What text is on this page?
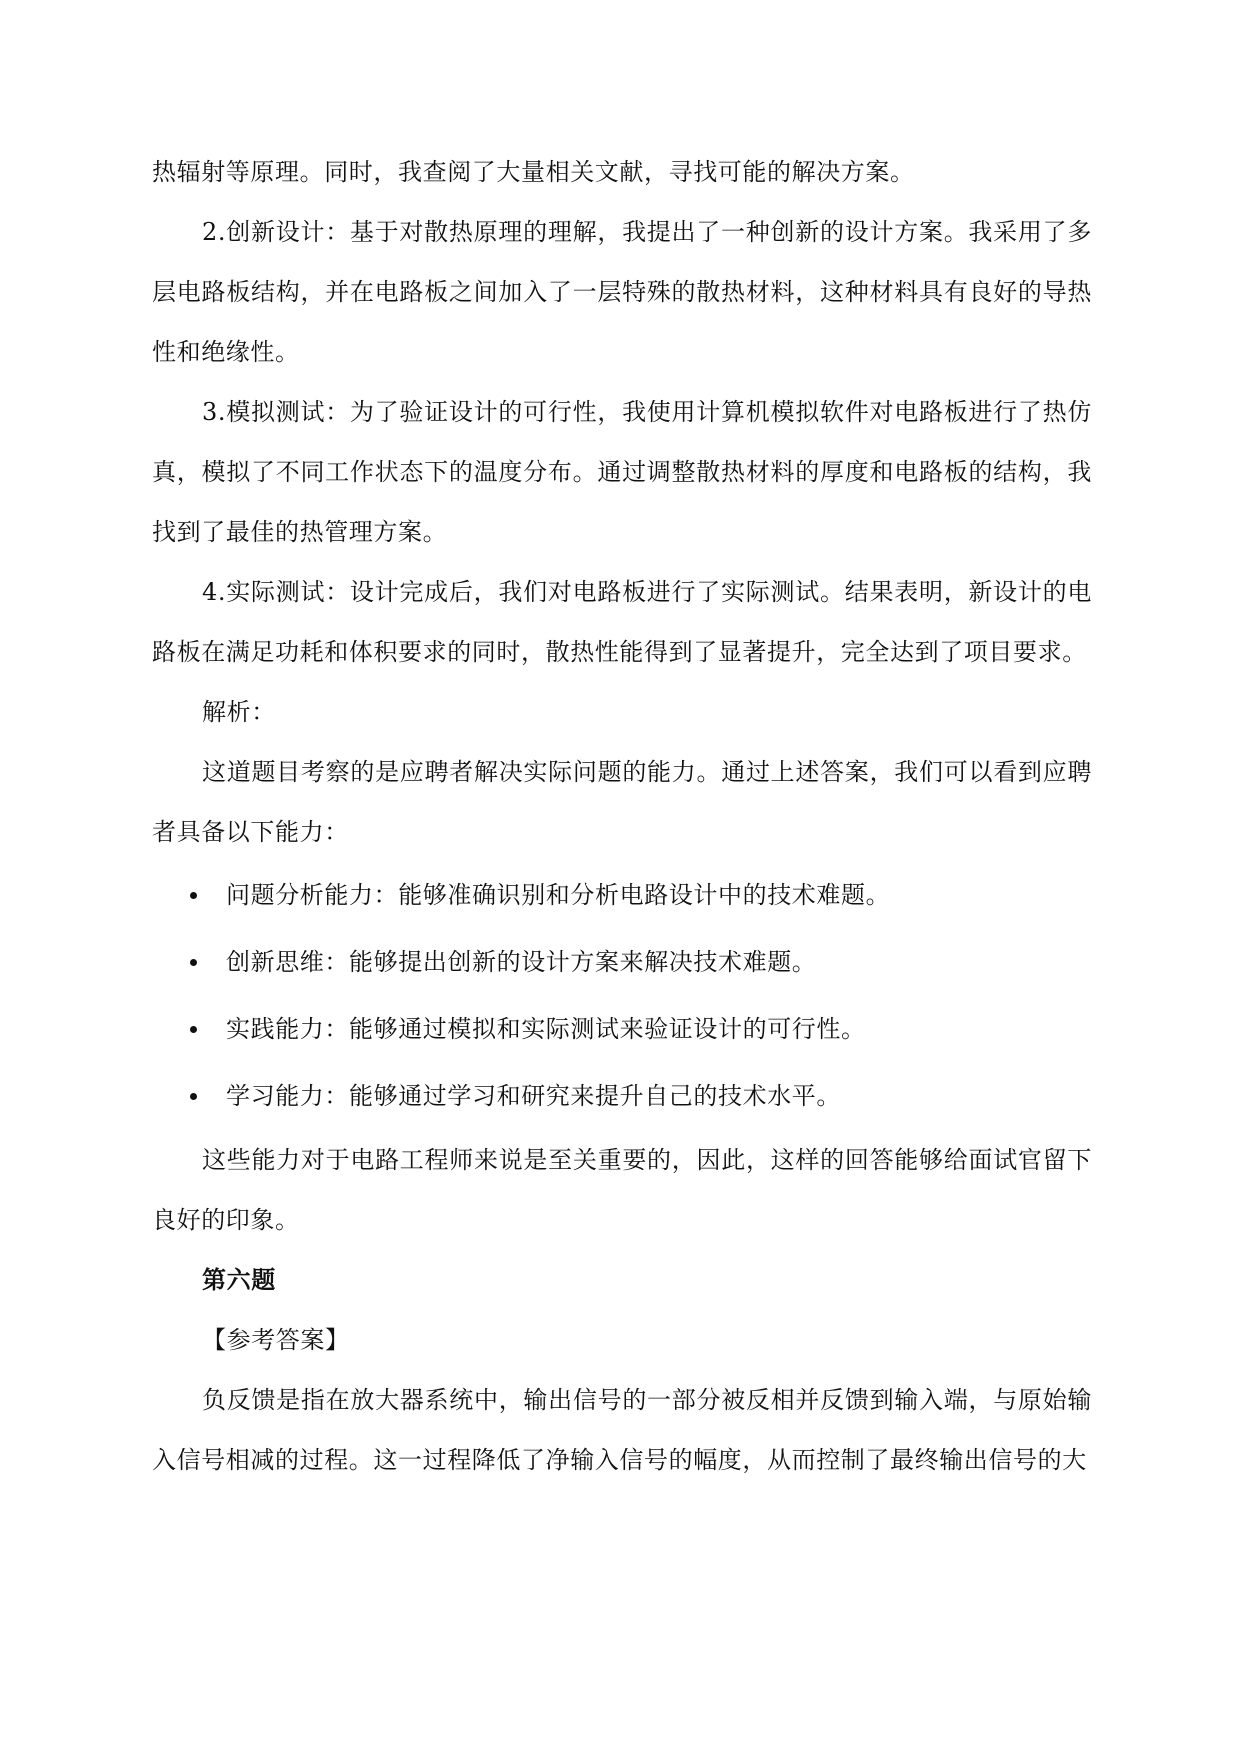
热辐射等原理。同时，我查阅了大量相关文献，寻找可能的解决方案。

2.创新设计：基于对散热原理的理解，我提出了一种创新的设计方案。我采用了多层电路板结构，并在电路板之间加入了一层特殊的散热材料，这种材料具有良好的导热性和绝缘性。

3.模拟测试：为了验证设计的可行性，我使用计算机模拟软件对电路板进行了热仿真，模拟了不同工作状态下的温度分布。通过调整散热材料的厚度和电路板的结构，我找到了最佳的热管理方案。

4.实际测试：设计完成后，我们对电路板进行了实际测试。结果表明，新设计的电路板在满足功耗和体积要求的同时，散热性能得到了显著提升，完全达到了项目要求。

解析：

这道题目考察的是应聘者解决实际问题的能力。通过上述答案，我们可以看到应聘者具备以下能力：

问题分析能力：能够准确识别和分析电路设计中的技术难题。
创新思维：能够提出创新的设计方案来解决技术难题。
实践能力：能够通过模拟和实际测试来验证设计的可行性。
学习能力：能够通过学习和研究来提升自己的技术水平。

这些能力对于电路工程师来说是至关重要的，因此，这样的回答能够给面试官留下良好的印象。

第六题

【参考答案】

负反馈是指在放大器系统中，输出信号的一部分被反相并反馈到输入端，与原始输入信号相减的过程。这一过程降低了净输入信号的幅度，从而控制了最终输出信号的大
